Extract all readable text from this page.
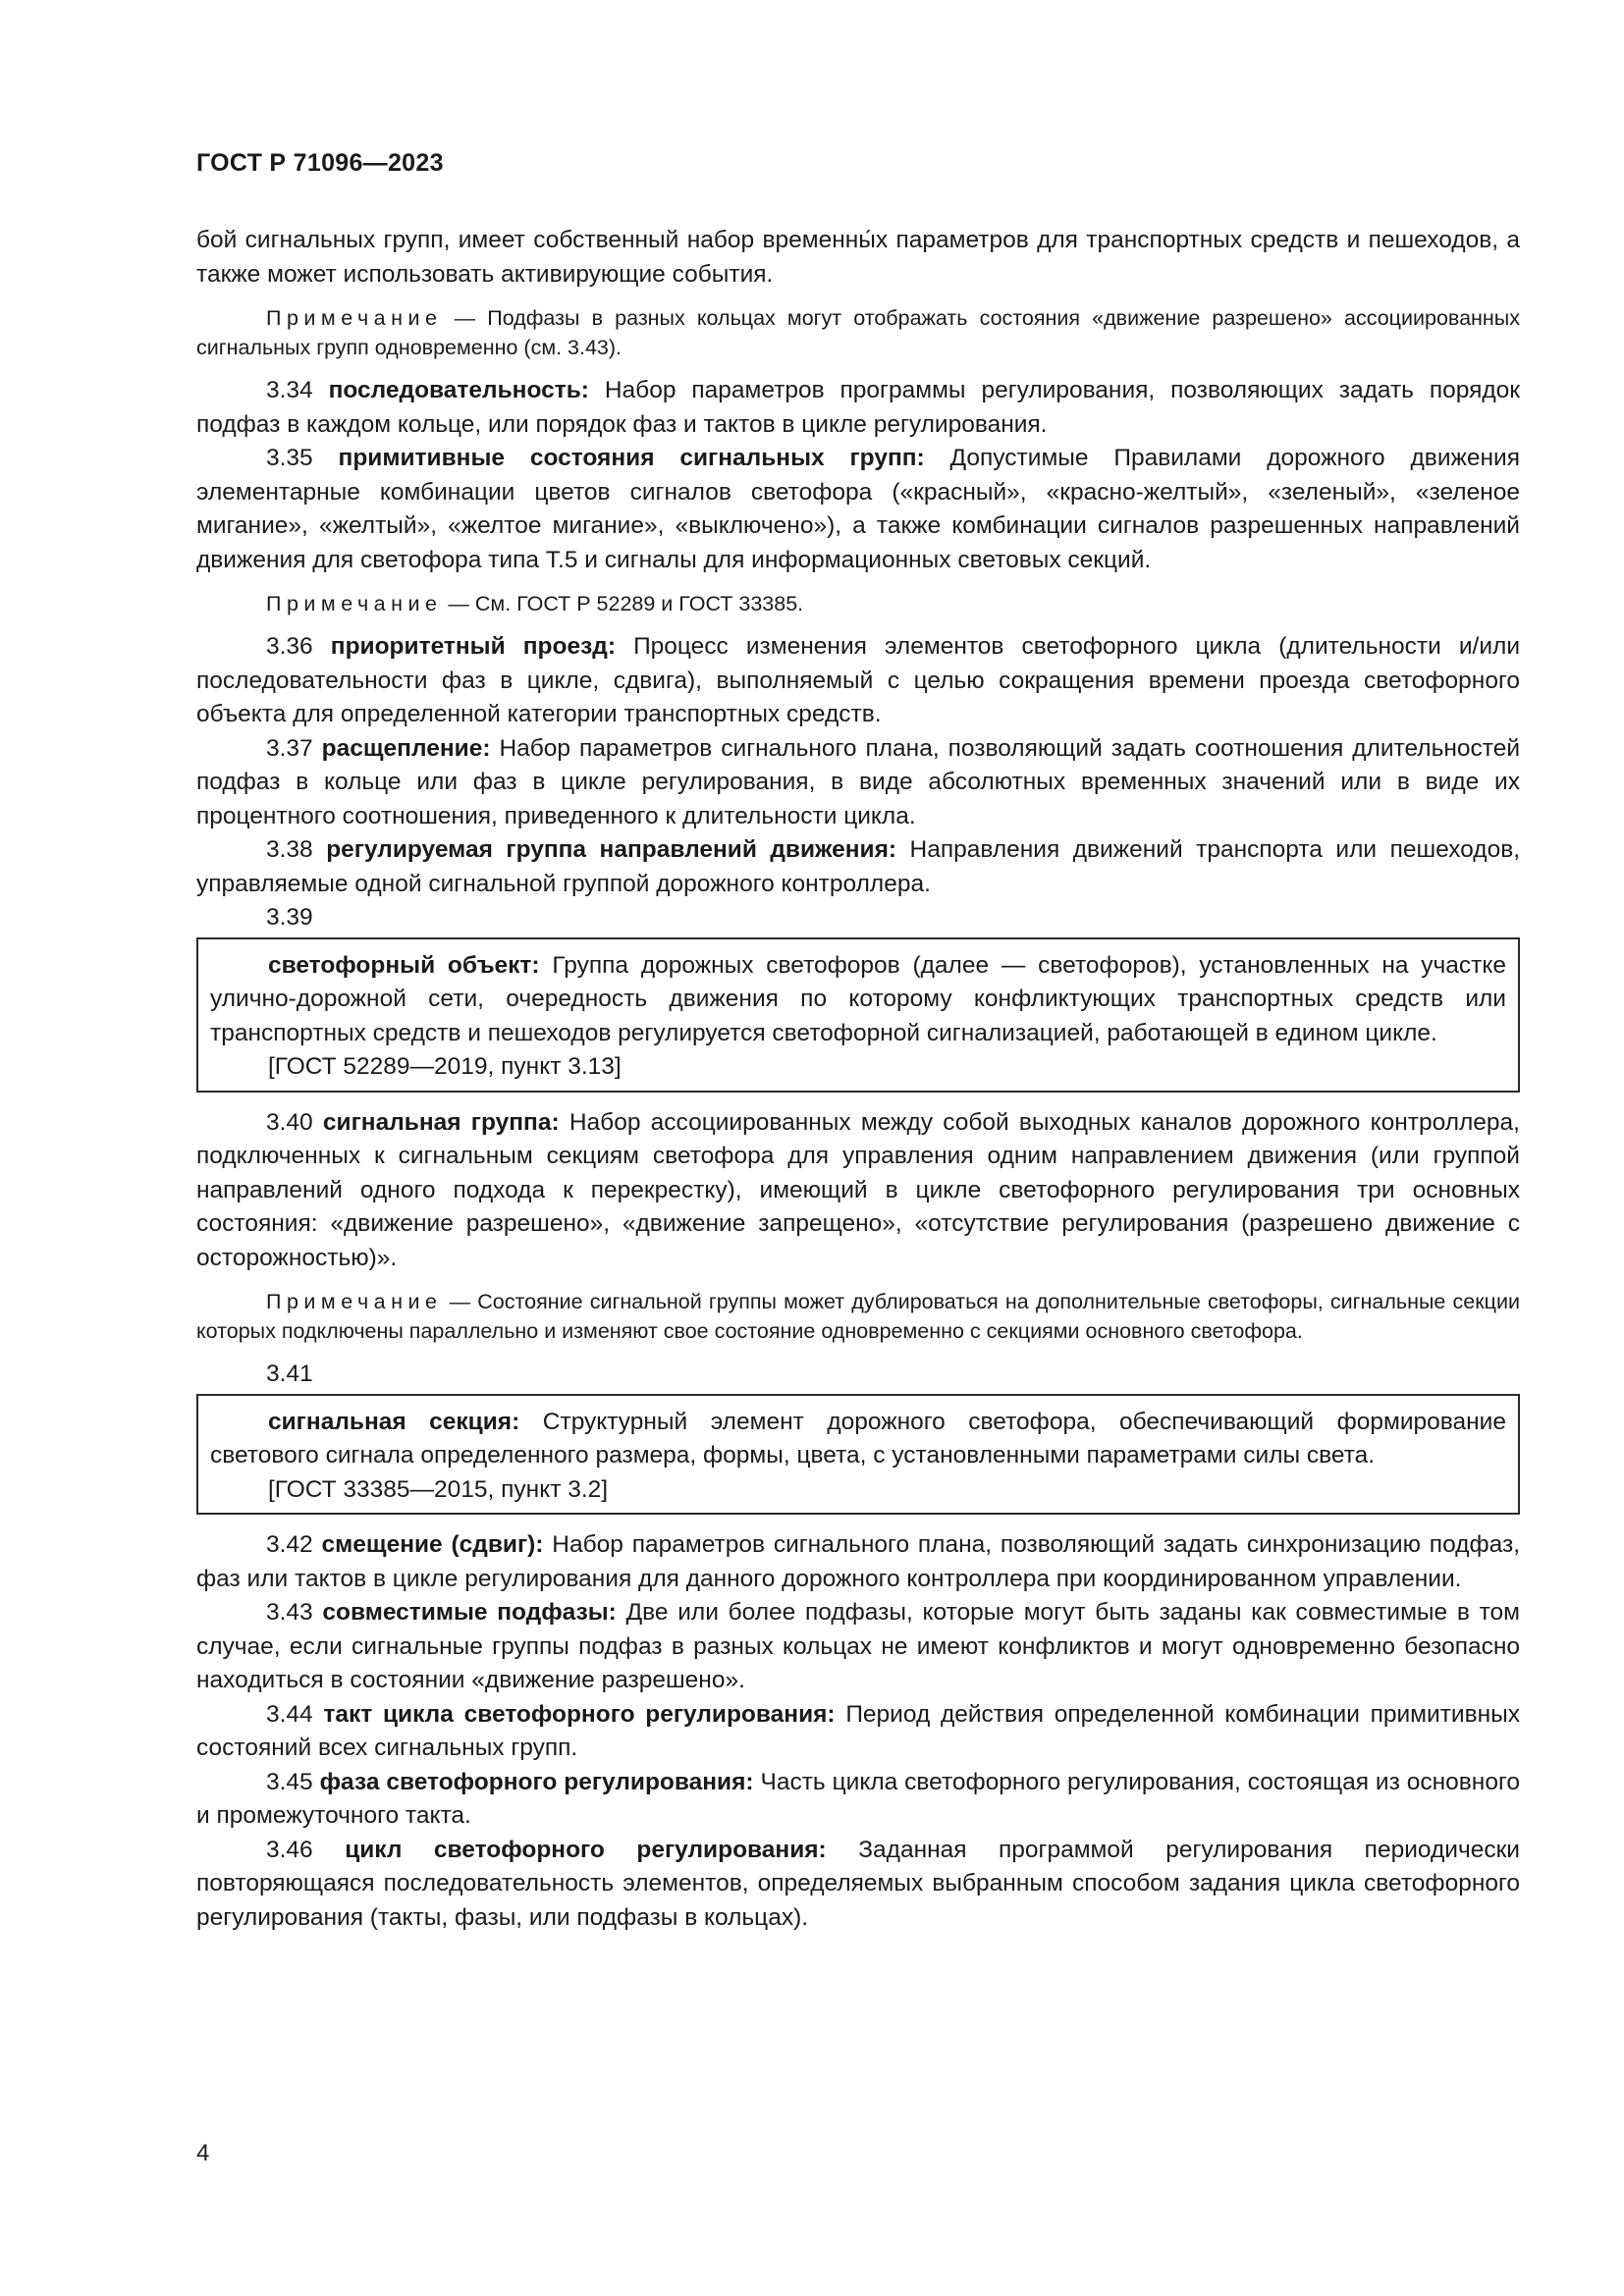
ГОСТ Р 71096—2023

бой сигнальных групп, имеет собственный набор временны́х параметров для транспортных средств и пешеходов, а также может использовать активирующие события.

Примечание — Подфазы в разных кольцах могут отображать состояния «движение разрешено» ассоциированных сигнальных групп одновременно (см. 3.43).

3.34 последовательность: Набор параметров программы регулирования, позволяющих задать порядок подфаз в каждом кольце, или порядок фаз и тактов в цикле регулирования.

3.35 примитивные состояния сигнальных групп: Допустимые Правилами дорожного движения элементарные комбинации цветов сигналов светофора («красный», «красно-желтый», «зеленый», «зеленое мигание», «желтый», «желтое мигание», «выключено»), а также комбинации сигналов разрешенных направлений движения для светофора типа Т.5 и сигналы для информационных световых секций.

Примечание — См. ГОСТ Р 52289 и ГОСТ 33385.

3.36 приоритетный проезд: Процесс изменения элементов светофорного цикла (длительности и/или последовательности фаз в цикле, сдвига), выполняемый с целью сокращения времени проезда светофорного объекта для определенной категории транспортных средств.

3.37 расщепление: Набор параметров сигнального плана, позволяющий задать соотношения длительностей подфаз в кольце или фаз в цикле регулирования, в виде абсолютных временных значений или в виде их процентного соотношения, приведенного к длительности цикла.

3.38 регулируемая группа направлений движения: Направления движений транспорта или пешеходов, управляемые одной сигнальной группой дорожного контроллера.

3.39

светофорный объект: Группа дорожных светофоров (далее — светофоров), установленных на участке улично-дорожной сети, очередность движения по которому конфликтующих транспортных средств или транспортных средств и пешеходов регулируется светофорной сигнализацией, работающей в едином цикле.

[ГОСТ 52289—2019, пункт 3.13]

3.40 сигнальная группа: Набор ассоциированных между собой выходных каналов дорожного контроллера, подключенных к сигнальным секциям светофора для управления одним направлением движения (или группой направлений одного подхода к перекрестку), имеющий в цикле светофорного регулирования три основных состояния: «движение разрешено», «движение запрещено», «отсутствие регулирования (разрешено движение с осторожностью)».

Примечание — Состояние сигнальной группы может дублироваться на дополнительные светофоры, сигнальные секции которых подключены параллельно и изменяют свое состояние одновременно с секциями основного светофора.

3.41

сигнальная секция: Структурный элемент дорожного светофора, обеспечивающий формирование светового сигнала определенного размера, формы, цвета, с установленными параметрами силы света.

[ГОСТ 33385—2015, пункт 3.2]

3.42 смещение (сдвиг): Набор параметров сигнального плана, позволяющий задать синхронизацию подфаз, фаз или тактов в цикле регулирования для данного дорожного контроллера при координированном управлении.

3.43 совместимые подфазы: Две или более подфазы, которые могут быть заданы как совместимые в том случае, если сигнальные группы подфаз в разных кольцах не имеют конфликтов и могут одновременно безопасно находиться в состоянии «движение разрешено».

3.44 такт цикла светофорного регулирования: Период действия определенной комбинации примитивных состояний всех сигнальных групп.

3.45 фаза светофорного регулирования: Часть цикла светофорного регулирования, состоящая из основного и промежуточного такта.

3.46 цикл светофорного регулирования: Заданная программой регулирования периодически повторяющаяся последовательность элементов, определяемых выбранным способом задания цикла светофорного регулирования (такты, фазы, или подфазы в кольцах).

4
